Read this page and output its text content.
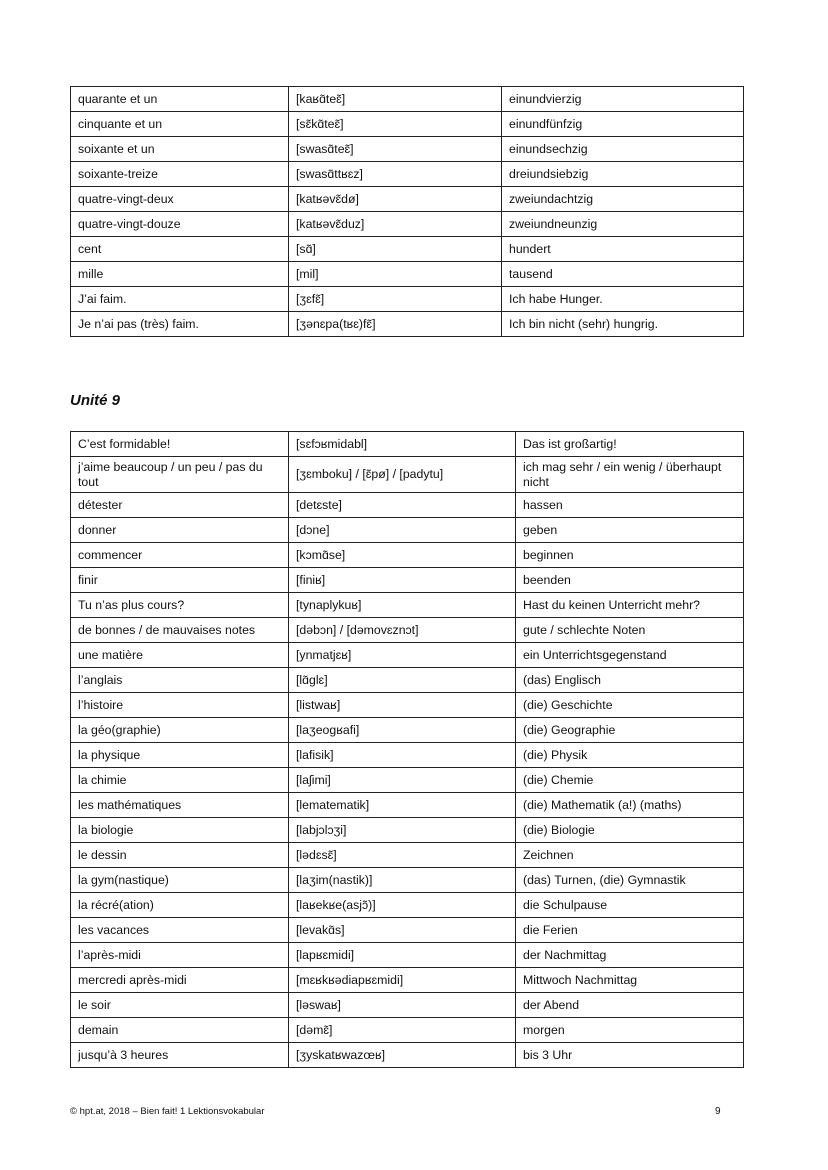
quarante et un	[kaʁɑ̃teɛ̃]	einundvierzig
cinquante et un	[sɛ̃kɑ̃teɛ̃]	einundfünfzig
soixante et un	[swasɑ̃teɛ̃]	einundsechzig
soixante-treize	[swasɑ̃ttʁɛz]	dreiundsiebzig
quatre-vingt-deux	[katʁəvɛ̃dø]	zweiundachtzig
quatre-vingt-douze	[katʁəvɛ̃duz]	zweiundneunzig
cent	[sɑ̃]	hundert
mille	[mil]	tausend
J’ai faim.	[ʒɛfɛ̃]	Ich habe Hunger.
Je n’ai pas (très) faim.	[ʒənɛpa(tʁɛ)fɛ̃]	Ich bin nicht (sehr) hungrig.
Unité 9
C’est formidable!	[sɛfɔʁmidabl]	Das ist großartig!
j’aime beaucoup / un peu / pas du tout	[ʒɛmboku] / [ɛ̃pø] / [padytu]	ich mag sehr / ein wenig / überhaupt nicht
détester	[detɛste]	hassen
donner	[dɔne]	geben
commencer	[kɔmɑ̃se]	beginnen
finir	[finiʁ]	beenden
Tu n’as plus cours?	[tynaplykuʁ]	Hast du keinen Unterricht mehr?
de bonnes / de mauvaises notes	[dəbɔn] / [dəmovɛznɔt]	gute / schlechte Noten
une matière	[ynmatjɛʁ]	ein Unterrichtsgegenstand
l’anglais	[lɑ̃glɛ]	(das) Englisch
l’histoire	[listwaʁ]	(die) Geschichte
la géo(graphie)	[laʒeogʁafi]	(die) Geographie
la physique	[lafisik]	(die) Physik
la chimie	[laʃimi]	(die) Chemie
les mathématiques	[lematematik]	(die) Mathematik (a!) (maths)
la biologie	[labjɔlɔʒi]	(die) Biologie
le dessin	[lədɛsɛ̃]	Zeichnen
la gym(nastique)	[laʒim(nastik)]	(das) Turnen, (die) Gymnastik
la récré(ation)	[laʁekʁe(asjɔ̃)]	die Schulpause
les vacances	[levakɑ̃s]	die Ferien
l’après-midi	[lapʁɛmidi]	der Nachmittag
mercredi après-midi	[mɛʁkʁədiapʁɛmidi]	Mittwoch Nachmittag
le soir	[ləswaʁ]	der Abend
demain	[dəmɛ̃]	morgen
jusqu’à 3 heures	[ʒyskatʁwazœʁ]	bis 3 Uhr
© hpt.at, 2018 – Bien fait! 1 Lektionsvokabular	9
